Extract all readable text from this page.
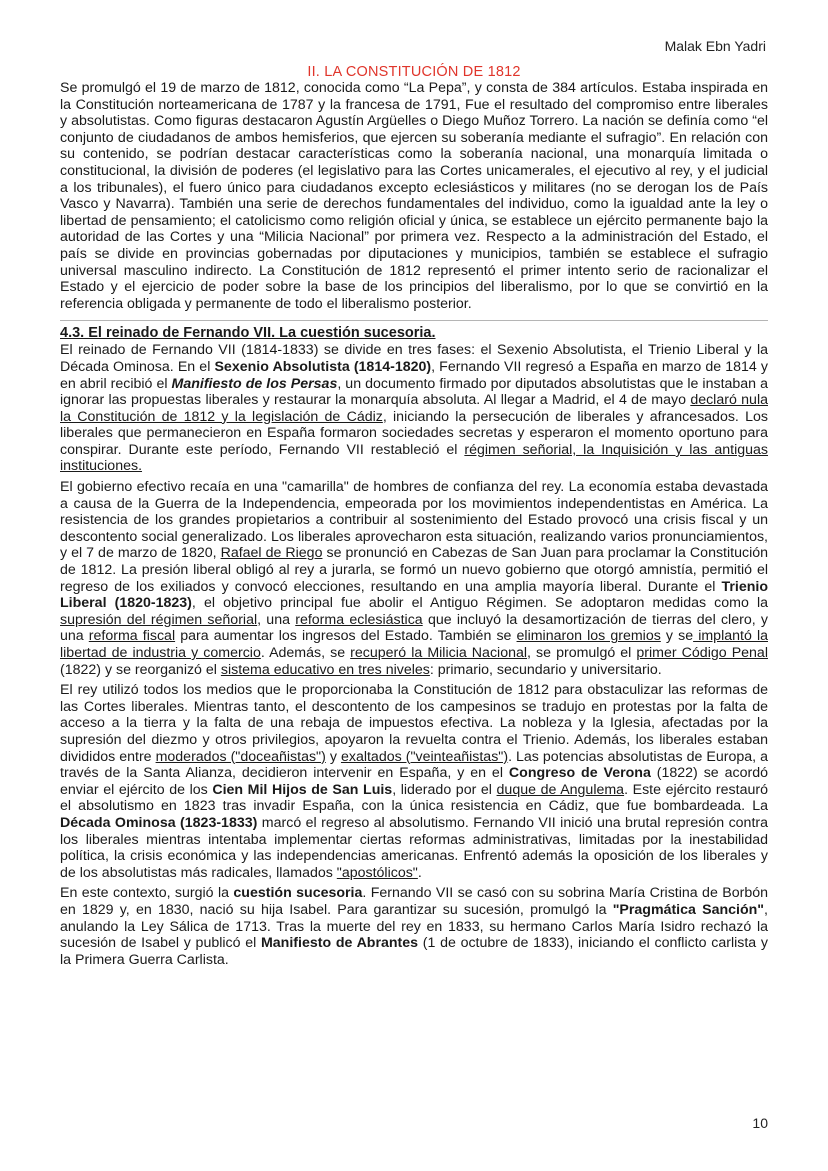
Malak Ebn Yadri
II. LA CONSTITUCIÓN DE 1812

Se promulgó el 19 de marzo de 1812, conocida como “La Pepa”, y consta de 384 artículos. Estaba inspirada en la Constitución norteamericana de 1787 y la francesa de 1791, Fue el resultado del compromiso entre liberales y absolutistas. Como figuras destacaron Agustín Argüelles o Diego Muñoz Torrero. La nación se definía como “el conjunto de ciudadanos de ambos hemisferios, que ejercen su soberanía mediante el sufragio”. En relación con su contenido, se podrían destacar características como la soberanía nacional, una monarquía limitada o constitucional, la división de poderes (el legislativo para las Cortes unicamerales, el ejecutivo al rey, y el judicial a los tribunales), el fuero único para ciudadanos excepto eclesiásticos y militares (no se derogan los de País Vasco y Navarra). También una serie de derechos fundamentales del individuo, como la igualdad ante la ley o libertad de pensamiento; el catolicismo como religión oficial y única, se establece un ejército permanente bajo la autoridad de las Cortes y una “Milicia Nacional” por primera vez. Respecto a la administración del Estado, el país se divide en provincias gobernadas por diputaciones y municipios, también se establece el sufragio universal masculino indirecto. La Constitución de 1812 representó el primer intento serio de racionalizar el Estado y el ejercicio de poder sobre la base de los principios del liberalismo, por lo que se convirtió en la referencia obligada y permanente de todo el liberalismo posterior.

4.3. El reinado de Fernando VII. La cuestión sucesoria.

El reinado de Fernando VII (1814-1833) se divide en tres fases: el Sexenio Absolutista, el Trienio Liberal y la Década Ominosa. En el Sexenio Absolutista (1814-1820), Fernando VII regresó a España en marzo de 1814 y en abril recibió el Manifiesto de los Persas, un documento firmado por diputados absolutistas que le instaban a ignorar las propuestas liberales y restaurar la monarquía absoluta. Al llegar a Madrid, el 4 de mayo declaró nula la Constitución de 1812 y la legislación de Cádiz, iniciando la persecución de liberales y afrancesados. Los liberales que permanecieron en España formaron sociedades secretas y esperaron el momento oportuno para conspirar. Durante este período, Fernando VII restableció el régimen señorial, la Inquisición y las antiguas instituciones.

El gobierno efectivo recaía en una "camarilla" de hombres de confianza del rey. La economía estaba devastada a causa de la Guerra de la Independencia, empeorada por los movimientos independentistas en América. La resistencia de los grandes propietarios a contribuir al sostenimiento del Estado provocó una crisis fiscal y un descontento social generalizado. Los liberales aprovecharon esta situación, realizando varios pronunciamientos, y el 7 de marzo de 1820, Rafael de Riego se pronunció en Cabezas de San Juan para proclamar la Constitución de 1812. La presión liberal obligó al rey a jurarla, se formó un nuevo gobierno que otorgó amnistía, permitió el regreso de los exiliados y convocó elecciones, resultando en una amplia mayoría liberal. Durante el Trienio Liberal (1820-1823), el objetivo principal fue abolir el Antiguo Régimen. Se adoptaron medidas como la supresión del régimen señorial, una reforma eclesiástica que incluyó la desamortización de tierras del clero, y una reforma fiscal para aumentar los ingresos del Estado. También se eliminaron los gremios y se implantó la libertad de industria y comercio. Además, se recuperó la Milicia Nacional, se promulgó el primer Código Penal (1822) y se reorganizó el sistema educativo en tres niveles: primario, secundario y universitario.

El rey utilizó todos los medios que le proporcionaba la Constitución de 1812 para obstaculizar las reformas de las Cortes liberales. Mientras tanto, el descontento de los campesinos se tradujo en protestas por la falta de acceso a la tierra y la falta de una rebaja de impuestos efectiva. La nobleza y la Iglesia, afectadas por la supresión del diezmo y otros privilegios, apoyaron la revuelta contra el Trienio. Además, los liberales estaban divididos entre moderados ("doceañistas") y exaltados ("veinteañistas"). Las potencias absolutistas de Europa, a través de la Santa Alianza, decidieron intervenir en España, y en el Congreso de Verona (1822) se acordó enviar el ejército de los Cien Mil Hijos de San Luis, liderado por el duque de Angulema. Este ejército restauró el absolutismo en 1823 tras invadir España, con la única resistencia en Cádiz, que fue bombardeada. La Década Ominosa (1823-1833) marcó el regreso al absolutismo. Fernando VII inició una brutal represión contra los liberales mientras intentaba implementar ciertas reformas administrativas, limitadas por la inestabilidad política, la crisis económica y las independencias americanas. Enfrentó además la oposición de los liberales y de los absolutistas más radicales, llamados "apostólicos".

En este contexto, surgió la cuestión sucesoria. Fernando VII se casó con su sobrina María Cristina de Borbón en 1829 y, en 1830, nació su hija Isabel. Para garantizar su sucesión, promulgó la "Pragmática Sanción", anulando la Ley Sálica de 1713. Tras la muerte del rey en 1833, su hermano Carlos María Isidro rechazó la sucesión de Isabel y publicó el Manifiesto de Abrantes (1 de octubre de 1833), iniciando el conflicto carlista y la Primera Guerra Carlista.

10
